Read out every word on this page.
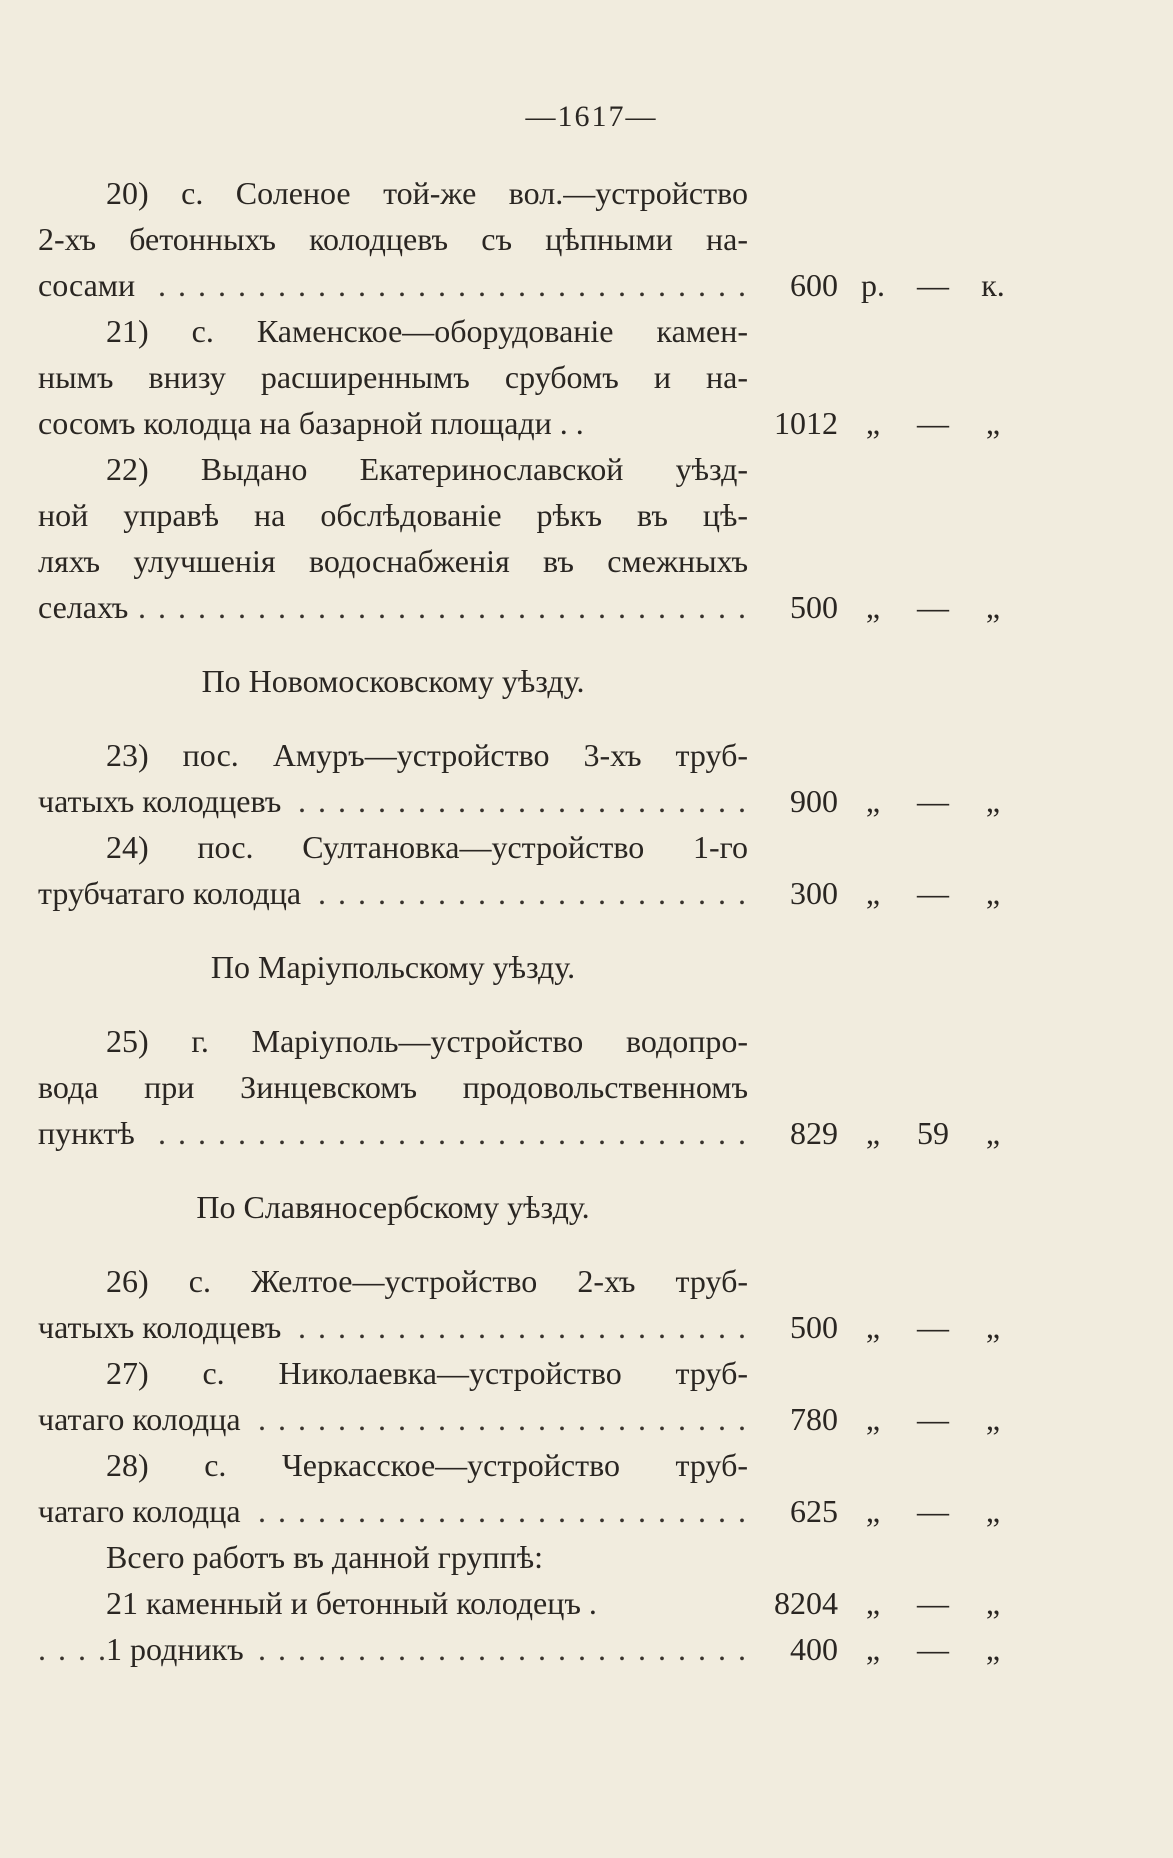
—1617—
20) с. Соленое той-же вол.—устройство
2-хъ бетонныхъ колодцевъ съ цѣпными на-
сосами . . .	600 р.	—	к.
21) с. Каменское—оборудованіе камен-
нымъ внизу расширеннымъ срубомъ и на-
сосомъ колодца на базарной площади . .	1012 „	—	„
22) Выдано Екатеринославской уѣзд-
ной управѣ на обслѣдованіе рѣкъ въ цѣ-
ляхъ улучшенія водоснабженія въ смежныхъ
селахъ . . .	500 „	—	„
По Новомосковскому уѣзду.
23) пос. Амуръ—устройство 3-хъ труб-
чатыхъ колодцевъ . . .	900 „	—	„
24) пос. Султановка—устройство 1-го
трубчатаго колодца . . .	300 „	—	„
По Маріупольскому уѣзду.
25) г. Маріуполь—устройство водопро-
вода при Зинцевскомъ продовольственномъ
пунктѣ . . .	829 „	59	„
По Славяносербскому уѣзду.
26) с. Желтое—устройство 2-хъ труб-
чатыхъ колодцевъ . . .	500 „	—	„
27) с. Николаевка—устройство труб-
чатаго колодца . . .	780 „	—	„
28) с. Черкасское—устройство труб-
чатаго колодца . . .	625 „	—	„
Всего работъ въ данной группѣ:
21 каменный и бетонный колодецъ .	8204 „	—	„
1 родникъ . . .	400 „	—	„
